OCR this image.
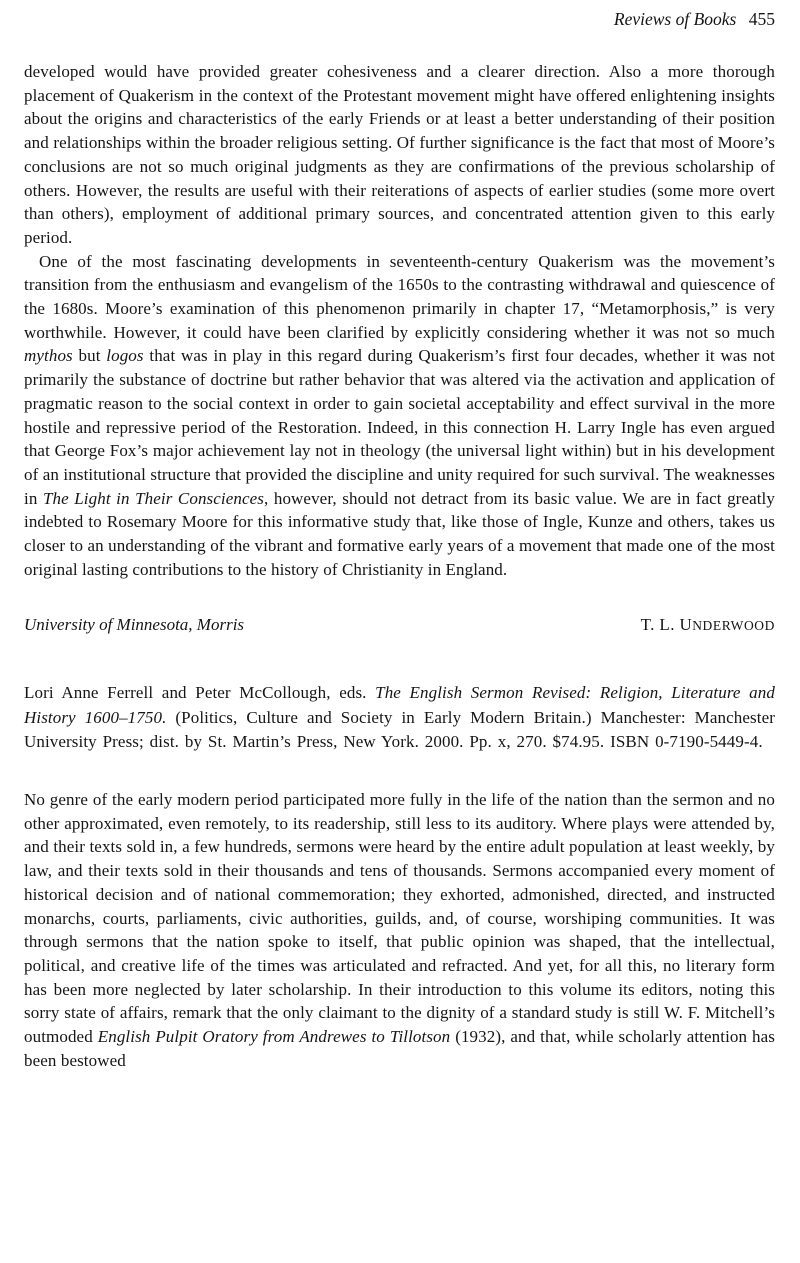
Reviews of Books 455

developed would have provided greater cohesiveness and a clearer direction. Also a more thorough placement of Quakerism in the context of the Protestant movement might have offered enlightening insights about the origins and characteristics of the early Friends or at least a better understanding of their position and relationships within the broader religious setting. Of further significance is the fact that most of Moore’s conclusions are not so much original judgments as they are confirmations of the previous scholarship of others. However, the results are useful with their reiterations of aspects of earlier studies (some more overt than others), employment of additional primary sources, and concentrated attention given to this early period.

One of the most fascinating developments in seventeenth-century Quakerism was the movement’s transition from the enthusiasm and evangelism of the 1650s to the contrasting withdrawal and quiescence of the 1680s. Moore’s examination of this phenomenon primarily in chapter 17, “Metamorphosis,” is very worthwhile. However, it could have been clarified by explicitly considering whether it was not so much mythos but logos that was in play in this regard during Quakerism’s first four decades, whether it was not primarily the substance of doctrine but rather behavior that was altered via the activation and application of pragmatic reason to the social context in order to gain societal acceptability and effect survival in the more hostile and repressive period of the Restoration. Indeed, in this connection H. Larry Ingle has even argued that George Fox’s major achievement lay not in theology (the universal light within) but in his development of an institutional structure that provided the discipline and unity required for such survival. The weaknesses in The Light in Their Consciences, however, should not detract from its basic value. We are in fact greatly indebted to Rosemary Moore for this informative study that, like those of Ingle, Kunze and others, takes us closer to an understanding of the vibrant and formative early years of a movement that made one of the most original lasting contributions to the history of Christianity in England.

University of Minnesota, Morris	T. L. UNDERWOOD

Lori Anne Ferrell and Peter McCollough, eds. The English Sermon Revised: Religion, Literature and History 1600–1750. (Politics, Culture and Society in Early Modern Britain.) Manchester: Manchester University Press; dist. by St. Martin’s Press, New York. 2000. Pp. x, 270. $74.95. ISBN 0-7190-5449-4.

No genre of the early modern period participated more fully in the life of the nation than the sermon and no other approximated, even remotely, to its readership, still less to its auditory. Where plays were attended by, and their texts sold in, a few hundreds, sermons were heard by the entire adult population at least weekly, by law, and their texts sold in their thousands and tens of thousands. Sermons accompanied every moment of historical decision and of national commemoration; they exhorted, admonished, directed, and instructed monarchs, courts, parliaments, civic authorities, guilds, and, of course, worshiping communities. It was through sermons that the nation spoke to itself, that public opinion was shaped, that the intellectual, political, and creative life of the times was articulated and refracted. And yet, for all this, no literary form has been more neglected by later scholarship. In their introduction to this volume its editors, noting this sorry state of affairs, remark that the only claimant to the dignity of a standard study is still W. F. Mitchell’s outmoded English Pulpit Oratory from Andrewes to Tillotson (1932), and that, while scholarly attention has been bestowed
